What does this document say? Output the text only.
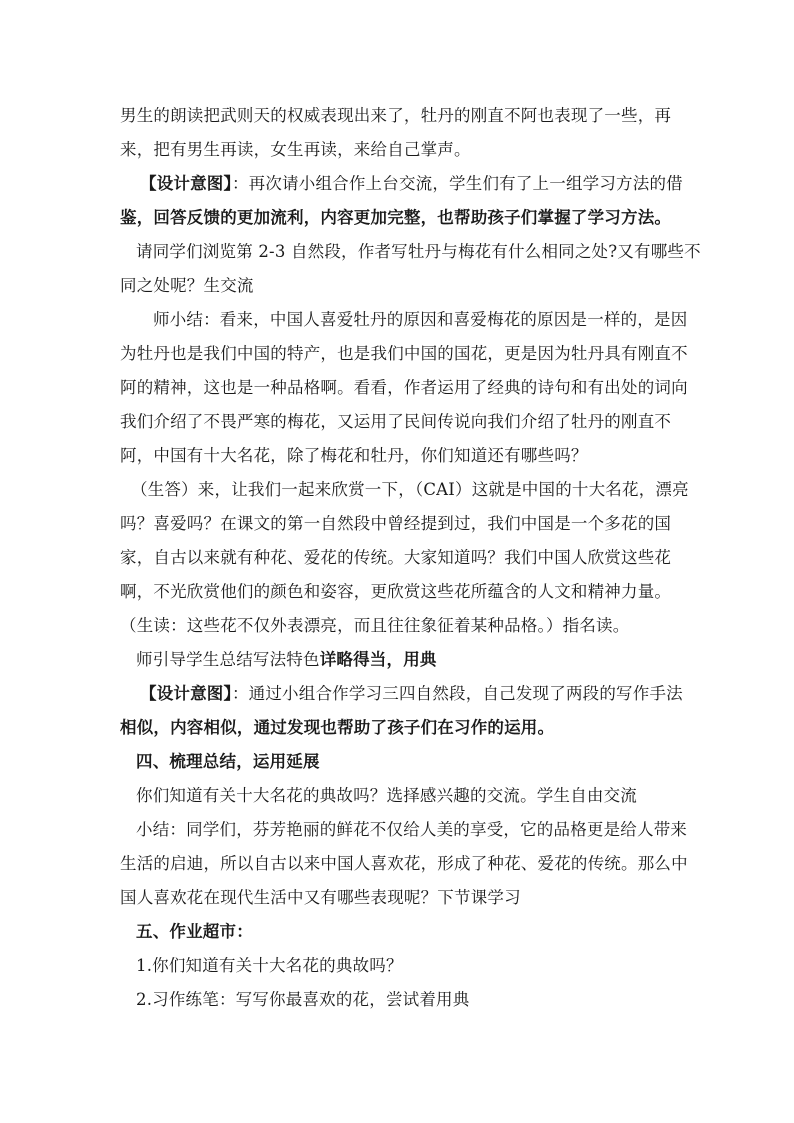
男生的朗读把武则天的权威表现出来了，牡丹的刚直不阿也表现了一些，再
来，把有男生再读，女生再读，来给自己掌声。
【设计意图】：再次请小组合作上台交流，学生们有了上一组学习方法的借
鉴，回答反馈的更加流利，内容更加完整，也帮助孩子们掌握了学习方法。
请同学们浏览第 2-3 自然段，作者写牡丹与梅花有什么相同之处?又有哪些不
同之处呢？生交流
师小结：看来，中国人喜爱牡丹的原因和喜爱梅花的原因是一样的，是因
为牡丹也是我们中国的特产，也是我们中国的国花，更是因为牡丹具有刚直不
阿的精神，这也是一种品格啊。看看，作者运用了经典的诗句和有出处的词向
我们介绍了不畏严寒的梅花，又运用了民间传说向我们介绍了牡丹的刚直不
阿，中国有十大名花，除了梅花和牡丹，你们知道还有哪些吗？
（生答）来，让我们一起来欣赏一下，（CAI）这就是中国的十大名花，漂亮
吗？喜爱吗？在课文的第一自然段中曾经提到过，我们中国是一个多花的国
家，自古以来就有种花、爱花的传统。大家知道吗？我们中国人欣赏这些花
啊，不光欣赏他们的颜色和姿容，更欣赏这些花所蕴含的人文和精神力量。
（生读：这些花不仅外表漂亮，而且往往象征着某种品格。）指名读。
师引导学生总结写法特色详略得当，用典
【设计意图】：通过小组合作学习三四自然段，自己发现了两段的写作手法
相似，内容相似，通过发现也帮助了孩子们在习作的运用。
四、梳理总结，运用延展
你们知道有关十大名花的典故吗？选择感兴趣的交流。学生自由交流
小结：同学们，芬芳艳丽的鲜花不仅给人美的享受，它的品格更是给人带来
生活的启迪，所以自古以来中国人喜欢花，形成了种花、爱花的传统。那么中
国人喜欢花在现代生活中又有哪些表现呢？下节课学习
五、作业超市：
1.你们知道有关十大名花的典故吗？
2.习作练笔：写写你最喜欢的花，尝试着用典
